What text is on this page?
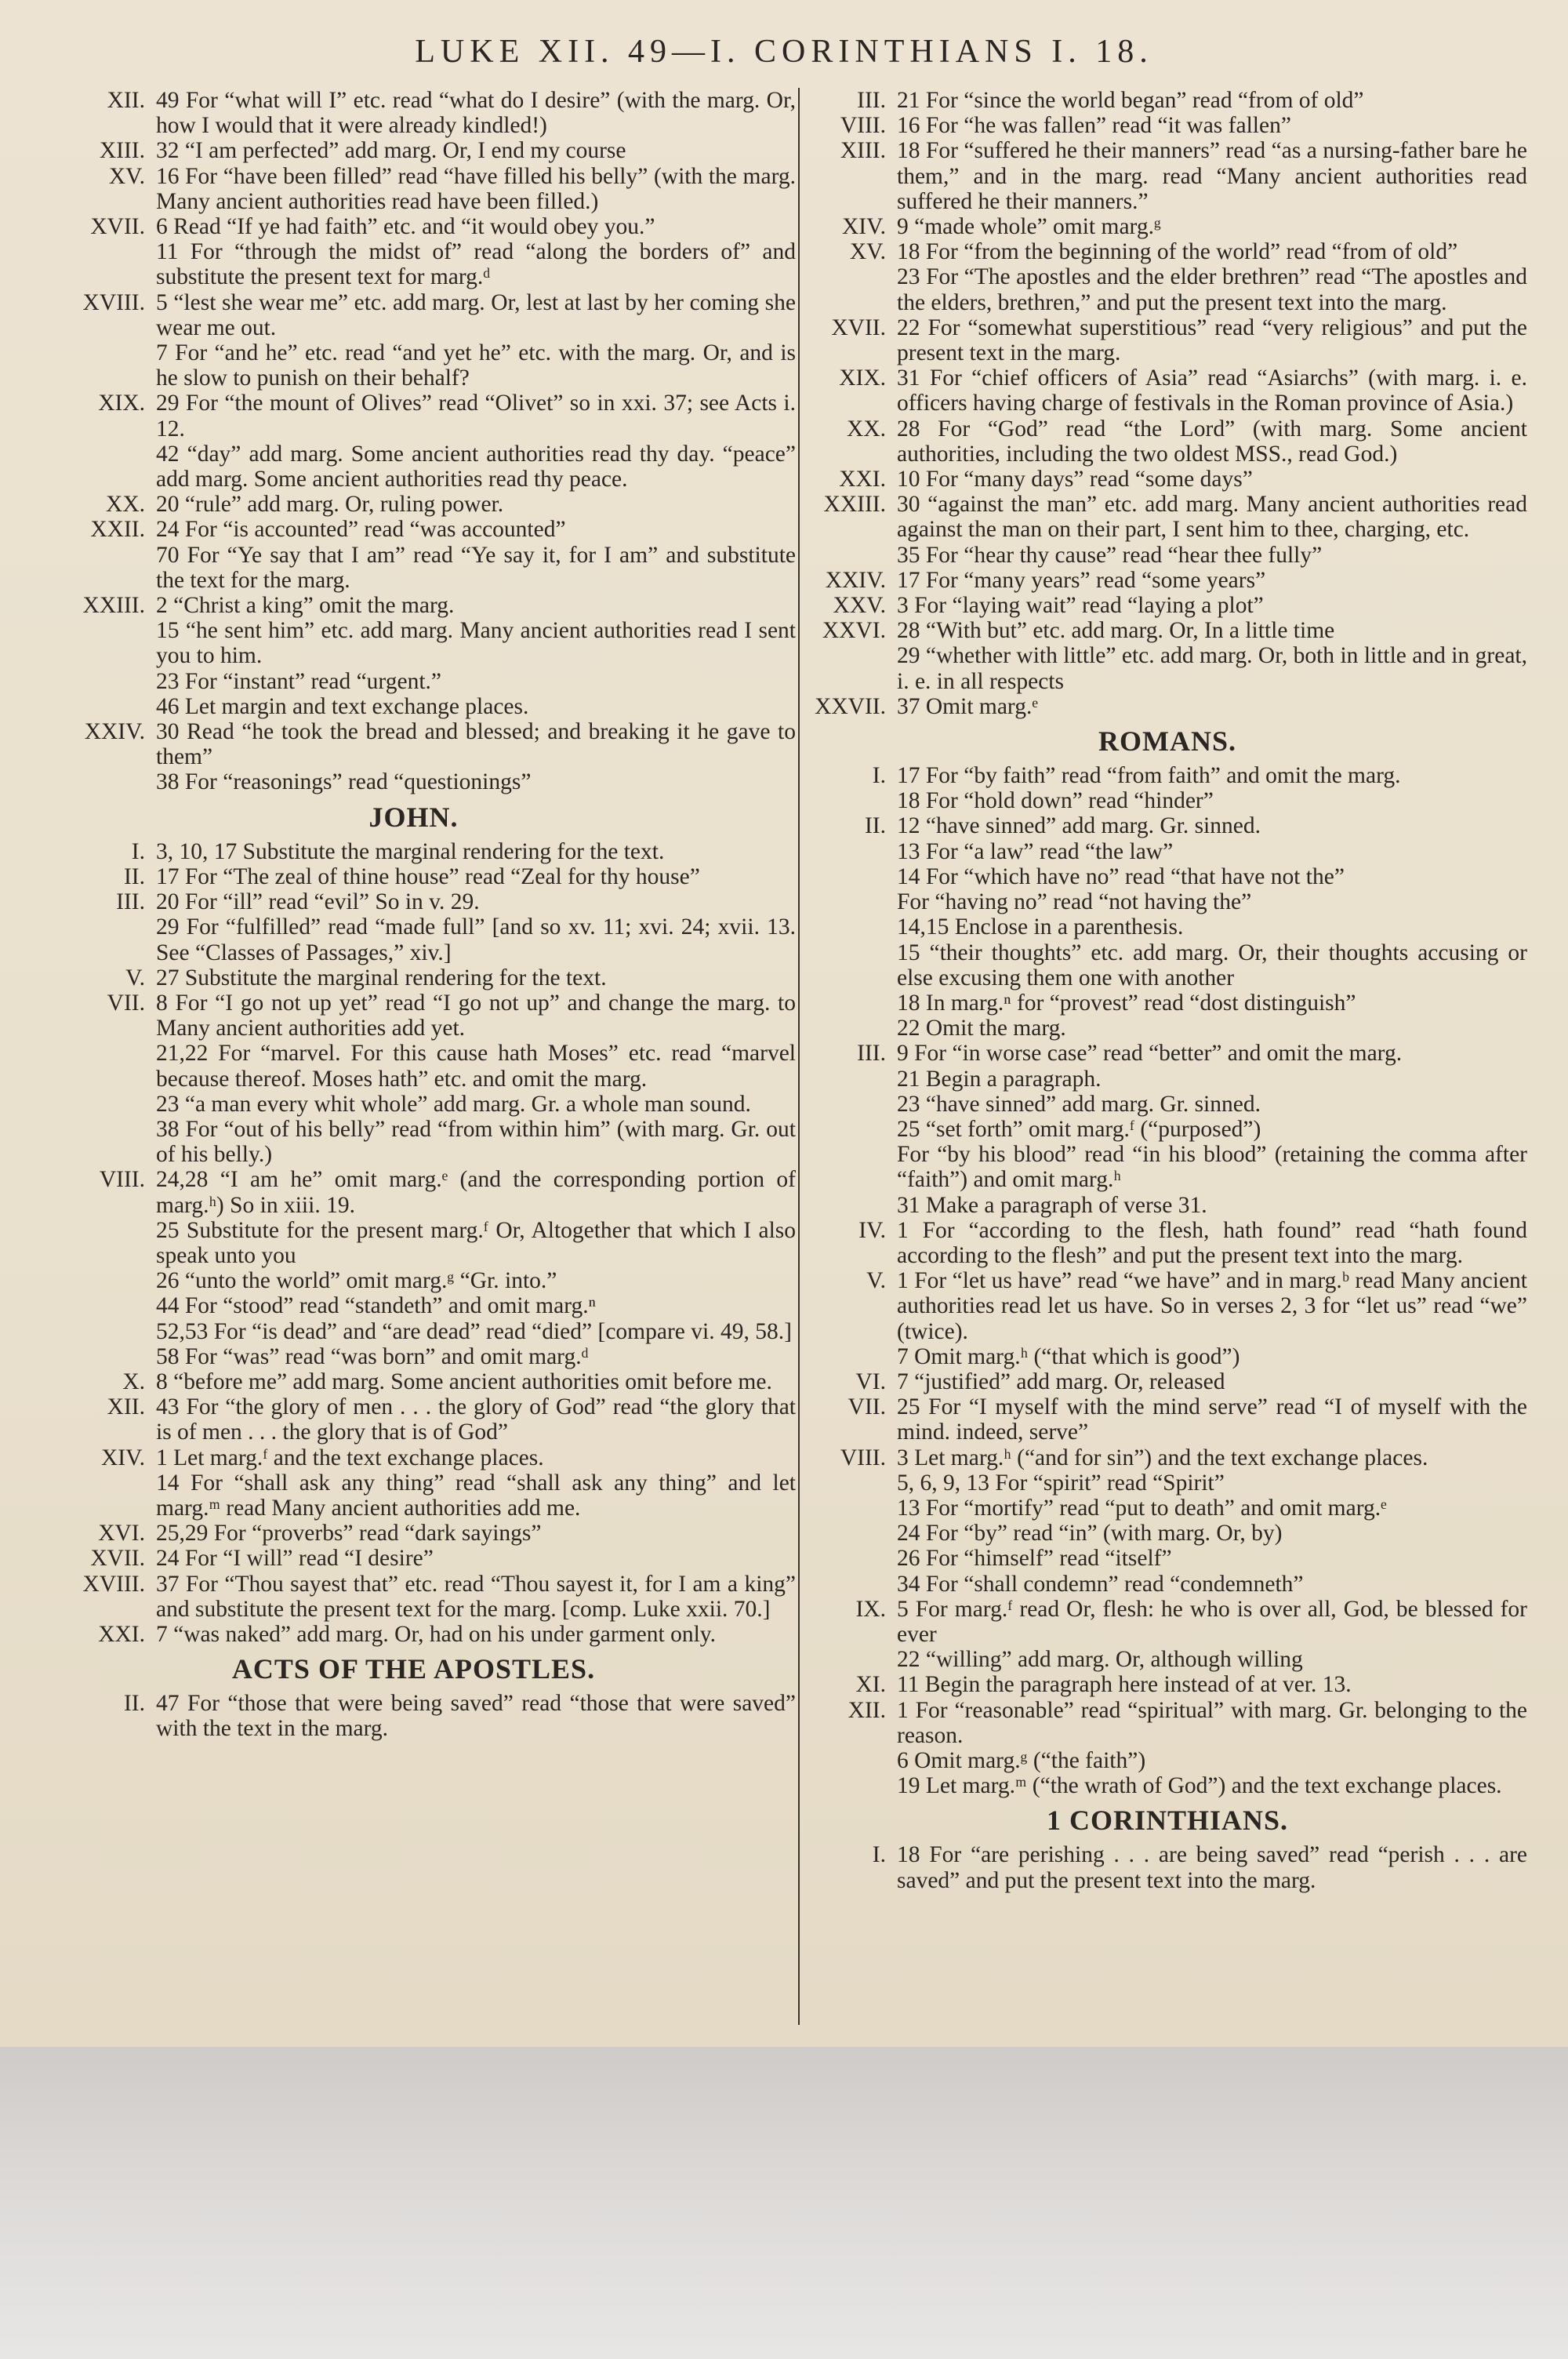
LUKE XII. 49—I. CORINTHIANS I. 18.
XII. 49 For “what will I” etc. read “what do I desire” (with the marg. Or, how I would that it were already kindled!)
XIII. 32 “I am perfected” add marg. Or, I end my course
XV. 16 For “have been filled” read “have filled his belly” (with the marg. Many ancient authorities read have been filled.)
XVII. 6 Read “If ye had faith” etc. and “it would obey you.”
11 For “through the midst of” read “along the borders of” and substitute the present text for marg.ᵈ
XVIII. 5 “lest she wear me” etc. add marg. Or, lest at last by her coming she wear me out.
7 For “and he” etc. read “and yet he” etc. with the marg. Or, and is he slow to punish on their behalf?
XIX. 29 For “the mount of Olives” read “Olivet” so in xxi. 37; see Acts i. 12.
42 “day” add marg. Some ancient authorities read thy day. “peace” add marg. Some ancient authorities read thy peace.
XX. 20 “rule” add marg. Or, ruling power.
XXII. 24 For “is accounted” read “was accounted”
70 For “Ye say that I am” read “Ye say it, for I am” and substitute the text for the marg.
XXIII. 2 “Christ a king” omit the marg.
15 “he sent him” etc. add marg. Many ancient authorities read I sent you to him.
23 For “instant” read “urgent.”
46 Let margin and text exchange places.
XXIV. 30 Read “he took the bread and blessed; and breaking it he gave to them”
38 For “reasonings” read “questionings”
JOHN.
I. 3, 10, 17 Substitute the marginal rendering for the text.
II. 17 For “The zeal of thine house” read “Zeal for thy house”
III. 20 For “ill” read “evil” So in v. 29.
29 For “fulfilled” read “made full” [and so xv. 11; xvi. 24; xvii. 13. See “Classes of Passages,” xiv.]
V. 27 Substitute the marginal rendering for the text.
VII. 8 For “I go not up yet” read “I go not up” and change the marg. to Many ancient authorities add yet.
21,22 For “marvel. For this cause hath Moses” etc. read “marvel because thereof. Moses hath” etc. and omit the marg.
23 “a man every whit whole” add marg. Gr. a whole man sound.
38 For “out of his belly” read “from within him” (with marg. Gr. out of his belly.)
VIII. 24,28 “I am he” omit marg.ᵉ (and the corresponding portion of marg.ʰ) So in xiii. 19.
25 Substitute for the present marg.ᶠ Or, Altogether that which I also speak unto you
26 “unto the world” omit marg.ᵍ “Gr. into.”
44 For “stood” read “standeth” and omit marg.ⁿ
52,53 For “is dead” and “are dead” read “died” [compare vi. 49, 58.]
58 For “was” read “was born” and omit marg.ᵈ
X. 8 “before me” add marg. Some ancient authorities omit before me.
XII. 43 For “the glory of men . . . the glory of God” read “the glory that is of men . . . the glory that is of God”
XIV. 1 Let marg.ᶠ and the text exchange places.
14 For “shall ask any thing” read “shall ask any thing” and let marg.ᵐ read Many ancient authorities add me.
XVI. 25,29 For “proverbs” read “dark sayings”
XVII. 24 For “I will” read “I desire”
XVIII. 37 For “Thou sayest that” etc. read “Thou sayest it, for I am a king” and substitute the present text for the marg. [comp. Luke xxii. 70.]
XXI. 7 “was naked” add marg. Or, had on his under garment only.
ACTS OF THE APOSTLES.
II. 47 For “those that were being saved” read “those that were saved” with the text in the marg.
III. 21 For “since the world began” read “from of old”
VIII. 16 For “he was fallen” read “it was fallen”
XIII. 18 For “suffered he their manners” read “as a nursing-father bare he them,” and in the marg. read “Many ancient authorities read suffered he their manners.”
XIV. 9 “made whole” omit marg.ᵍ
XV. 18 For “from the beginning of the world” read “from of old”
23 For “The apostles and the elder brethren” read “The apostles and the elders, brethren,” and put the present text into the marg.
XVII. 22 For “somewhat superstitious” read “very religious” and put the present text in the marg.
XIX. 31 For “chief officers of Asia” read “Asiarchs” (with marg. i. e. officers having charge of festivals in the Roman province of Asia.)
XX. 28 For “God” read “the Lord” (with marg. Some ancient authorities, including the two oldest MSS., read God.)
XXI. 10 For “many days” read “some days”
XXIII. 30 “against the man” etc. add marg. Many ancient authorities read against the man on their part, I sent him to thee, charging, etc.
35 For “hear thy cause” read “hear thee fully”
XXIV. 17 For “many years” read “some years”
XXV. 3 For “laying wait” read “laying a plot”
XXVI. 28 “With but” etc. add marg. Or, In a little time
29 “whether with little” etc. add marg. Or, both in little and in great, i. e. in all respects
XXVII. 37 Omit marg.ᵉ
ROMANS.
I. 17 For “by faith” read “from faith” and omit the marg.
18 For “hold down” read “hinder”
II. 12 “have sinned” add marg. Gr. sinned.
13 For “a law” read “the law”
14 For “which have no” read “that have not the”
For “having no” read “not having the”
14,15 Enclose in a parenthesis.
15 “their thoughts” etc. add marg. Or, their thoughts accusing or else excusing them one with another
18 In marg.ⁿ for “provest” read “dost distinguish”
22 Omit the marg.
III. 9 For “in worse case” read “better” and omit the marg.
21 Begin a paragraph.
23 “have sinned” add marg. Gr. sinned.
25 “set forth” omit marg.ᶠ (“purposed”)
For “by his blood” read “in his blood” (retaining the comma after “faith”) and omit marg.ʰ
31 Make a paragraph of verse 31.
IV. 1 For “according to the flesh, hath found” read “hath found according to the flesh” and put the present text into the marg.
V. 1 For “let us have” read “we have” and in marg.ᵇ read Many ancient authorities read let us have. So in verses 2, 3 for “let us” read “we” (twice).
7 Omit marg.ʰ (“that which is good”)
VI. 7 “justified” add marg. Or, released
VII. 25 For “I myself with the mind serve” read “I of myself with the mind. indeed, serve”
VIII. 3 Let marg.ʰ (“and for sin”) and the text exchange places.
5, 6, 9, 13 For “spirit” read “Spirit”
13 For “mortify” read “put to death” and omit marg.ᵉ
24 For “by” read “in” (with marg. Or, by)
26 For “himself” read “itself”
34 For “shall condemn” read “condemneth”
IX. 5 For marg.ᶠ read Or, flesh: he who is over all, God, be blessed for ever
22 “willing” add marg. Or, although willing
XI. 11 Begin the paragraph here instead of at ver. 13.
XII. 1 For “reasonable” read “spiritual” with marg. Gr. belonging to the reason.
6 Omit marg.ᵍ (“the faith”)
19 Let marg.ᵐ (“the wrath of God”) and the text exchange places.
1 CORINTHIANS.
I. 18 For “are perishing . . . are being saved” read “perish . . . are saved” and put the present text into the marg.
